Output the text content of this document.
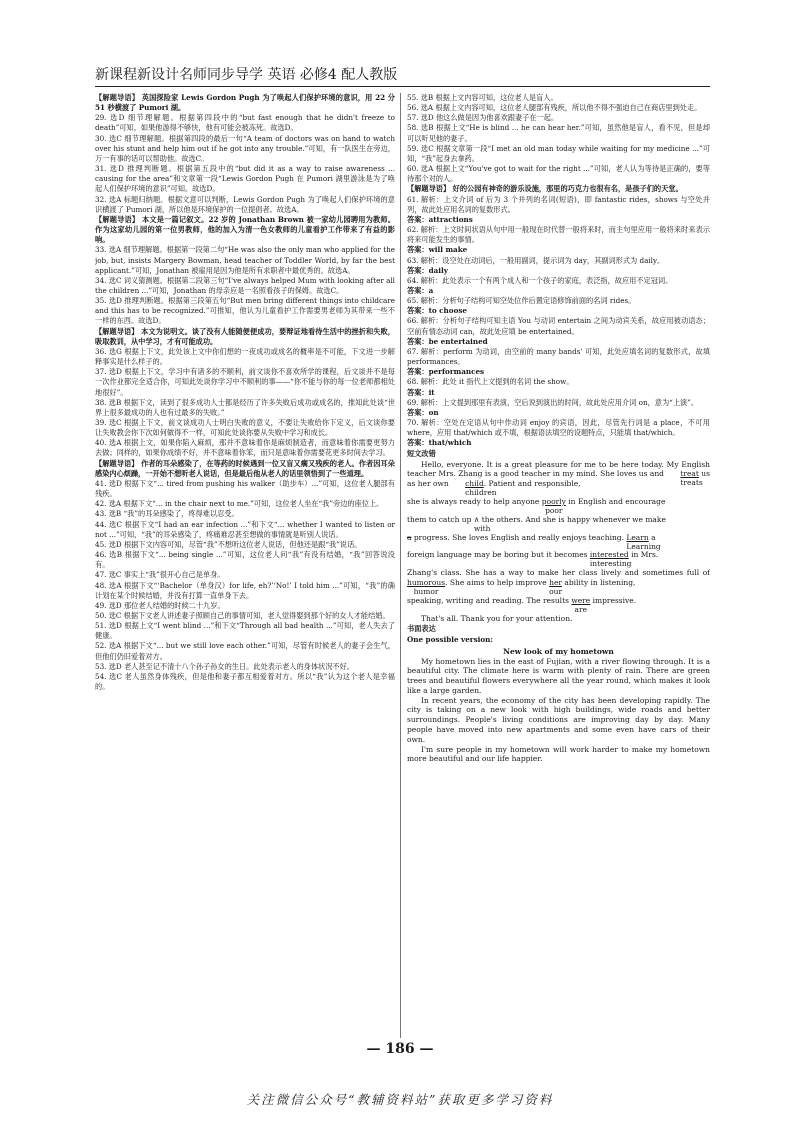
新课程新设计名师同步导学 英语 必修4 配人教版

【解题导语】 英国探险家 Lewis Gordon Pugh 为了唤起人们保护环境的意识，用 22 分 51 秒横渡了 Pumori 湖。

29. 选D 细节理解题。根据第四段中的“but fast enough that he didn't freeze to death”可知，如果他游得不够快，他有可能会被冻死。故选D。

30. 选C 细节理解题。根据第四段的最后一句“A team of doctors was on hand to watch over his stunt and help him out if he got into any trouble.”可知，有一队医生在旁边，万一有事的话可以帮助他。故选C。

31. 选D 推理判断题。根据第五段中的“but did it as a way to raise awareness ... causing for the area”和文章第一段“Lewis Gordon Pugh 在 Pumori 湖里游泳是为了唤起人们保护环境的意识”可知。故选D。

32. 选A 标题归纳题。根据文意可以判断，Lewis Gordon Pugh 为了唤起人们保护环境的意识横渡了 Pumori 湖，所以他是环境保护的一位提倡者。故选A。

【解题导语】 本文是一篇记叙文。22 岁的 Jonathan Brown 被一家幼儿园聘用为教师。作为这家幼儿园的第一位男教师，他的加入为清一色女教师的儿童看护工作带来了有益的影响。

33. 选A 细节理解题。根据第一段第二句“He was also the only man who applied for the job, but, insists Margery Bowman, head teacher of Toddler World, by far the best applicant.”可知，Jonathan 被雇用是因为他是所有求职者中最优秀的。故选A。

34. 选C 词义猜测题。根据第二段第三句“I've always helped Mum with looking after all the children ...”可知，Jonathan 的母亲应是一名照看孩子的保姆。故选C。

35. 选D 推理判断题。根据第三段第五句“But men bring different things into childcare and this has to be recognized.”可推知，他认为儿童看护工作需要男老师为其带来一些不一样的东西。故选D。

【解题导语】 本文为说明文。谈了没有人能随便便成功，要辩证地看待生活中的挫折和失败，吸取教训，从中学习，才有可能成功。

36. 选G 根据上下文，此处该上文中你们想的一夜成功或成名的概率是不可能，下文进一步解释事实是什么样子的。

37. 选D 根据上下文，学习中有诸多的不顺利，前文谈你不喜欢所学的课程，后文谈并不是每一次作业都完全适合你，可知此处谈你学习中不顺利的事——“你不能与你的每一位老师都相处地很好”。

38. 选B 根据下文，读到了很多成功人士都是经历了许多失败后成功或成名的，推知此处谈“世界上很多最成功的人也有过最多的失败。”

39. 选C 根据上下文，前文谈成功人士明白失败的意义，不要让失败给你下定义，后文谈你要让失败教会你下次如何做得不一样，可知此处谈你要从失败中学习和成长。

40. 选A 根据上文，如果你陷入麻烦，那并不意味着你是麻烦制造者，而意味着你需要更努力去做；同样的，如果你成绩不好，并不意味着你笨，而只是意味着你需要花更多时间去学习。

【解题导语】 作者的耳朵感染了，在等药的时候遇到一位又盲又瘸又残疾的老人。作者因耳朵感染内心烦躁，一开始不想听老人说话，但是最后他从老人的话里领悟到了一些道理。

41. 选D 根据下文“... tired from pushing his walker（助步车）...”可知，这位老人腿部有残疾。

42. 选A 根据下文“... in the chair next to me.”可知，这位老人坐在“我”旁边的座位上。

43. 选B “我”的耳朵感染了，疼得难以忍受。

44. 选C 根据下文“I had an ear infection ...”和下文“... whether I wanted to listen or not ...”可知，“我”的耳朵感染了，疼痛难忍甚至想做的事情就是听别人说话。

45. 选D 根据下文内容可知，尽管“我”不想听这位老人说话，但他还是跟“我”说话。

46. 选B 根据下文“... being single ...”可知，这位老人问“我”有没有结婚，“我”回答说没有。

47. 选C 事实上“我”很开心自己是单身。

48. 选A 根据下文“‘Bachelor（单身汉）for life, eh?’‘No!’ I told him ...”可知，“我”的确计划在某个时候结婚，并没有打算一直单身下去。

49. 选D 那位老人结婚的时候二十九岁。

50. 选C 根据下文老人讲述妻子照顾自己的事情可知，老人觉得娶到那个好的女人才能结婚。

51. 选D 根据上文“I went blind ...”和下文“Through all bad health ...”可知，老人失去了健康。

52. 选A 根据下文“... but we still love each other.”可知，尽管有时候老人的妻子会生气，但他们仍旧爱着对方。

53. 选D 老人甚至记不清十八个孙子孙女的生日。此处表示老人的身体状况不好。

54. 选C 老人虽然身体残疾，但是他和妻子都互相爱着对方。所以“我”认为这个老人是幸福的。

55. 选B 根据上文内容可知，这位老人是盲人。

56. 选A 根据上文内容可知，这位老人腿部有残疾，所以他不得不强迫自己在商店里到处走。

57. 选D 他这么做是因为他喜欢跟妻子在一起。

58. 选B 根据上文“He is blind ... he can hear her.”可知，虽然他是盲人，看不见，但是却可以听见他的妻子。

59. 选C 根据文章第一段“I met an old man today while waiting for my medicine ...”可知，“我”起身去拿药。

60. 选A 根据上文“You've got to wait for the right ...”可知，老人认为等待是正确的，要等待那个对的人。

【解题导语】 好的公园有神奇的游乐设施，那里的巧克力也很有名，是孩子们的天堂。

61. 解析：上文介词 of 后为 3 个并列的名词(短语)，即 fantastic rides，shows 与空处并列，故此处应用名词的复数形式。

答案：attractions

62. 解析：上文时间状语从句中用一般现在时代替一般将来时，而主句里应用一般将来时来表示将来可能发生的事情。

答案：will make

63. 解析：设空处在动词后，一般用副词，提示词为 day，其副词形式为 daily。

答案：daily

64. 解析：此处表示一个有两个成人和一个孩子的家庭，表泛指，故应用不定冠词。

答案：a

65. 解析：分析句子结构可知空处位作后置定语修饰前面的名词 rides。

答案：to choose

66. 解析：分析句子结构可知主语 You 与动词 entertain 之间为动宾关系，故应用被动语态；空前有情态动词 can，故此处应填 be entertained。

答案：be entertained

67. 解析：perform 为动词，由空前的 many bands' 可知，此处应填名词的复数形式，故填 performances。

答案：performances

68. 解析：此处 it 指代上文提到的名词 the show。

答案：it

69. 解析：上文提到那里有表演，空后说到演出的时间，故此处应用介词 on，意为“上演”。

答案：on

70. 解析：空处在定语从句中作动词 enjoy 的宾语，因此，尽管先行词是 a place，不可用 where，应用 that/which 或不填，根据语法填空的设题特点，只能填 that/which。

答案：that/which

短文改错

Hello, everyone. It is a great pleasure for me to be here today. My English teacher Mrs. Zhang is a good teacher in my mind. She loves us and treat
treats
us as her own child
children
. Patient and responsible,

she is always ready to help anyone poorly
poor
in English and encourage

them to catch up ∧
with
the others. And she is happy whenever we make

a progress. She loves English and really enjoys teaching. Learn
Learning
a

foreign language may be boring but it becomes interested
interesting
in Mrs.

Zhang's class. She has a way to make her class lively and sometimes full of humorous
humor
. She aims to help improve her
our
ability in listening,

speaking, writing and reading. The results were
are
impressive.

That's all. Thank you for your attention.

书面表达

One possible version:

New look of my hometown

My hometown lies in the east of Fujian, with a river flowing through. It is a beautiful city. The climate here is warm with plenty of rain. There are green trees and beautiful flowers everywhere all the year round, which makes it look like a large garden.

In recent years, the economy of the city has been developing rapidly. The city is taking on a new look with high buildings, wide roads and better surroundings. People's living conditions are improving day by day. Many people have moved into new apartments and some even have cars of their own.

I'm sure people in my hometown will work harder to make my hometown more beautiful and our life happier.

— 186 —
关注微信公众号“教辅资料站”获取更多学习资料
